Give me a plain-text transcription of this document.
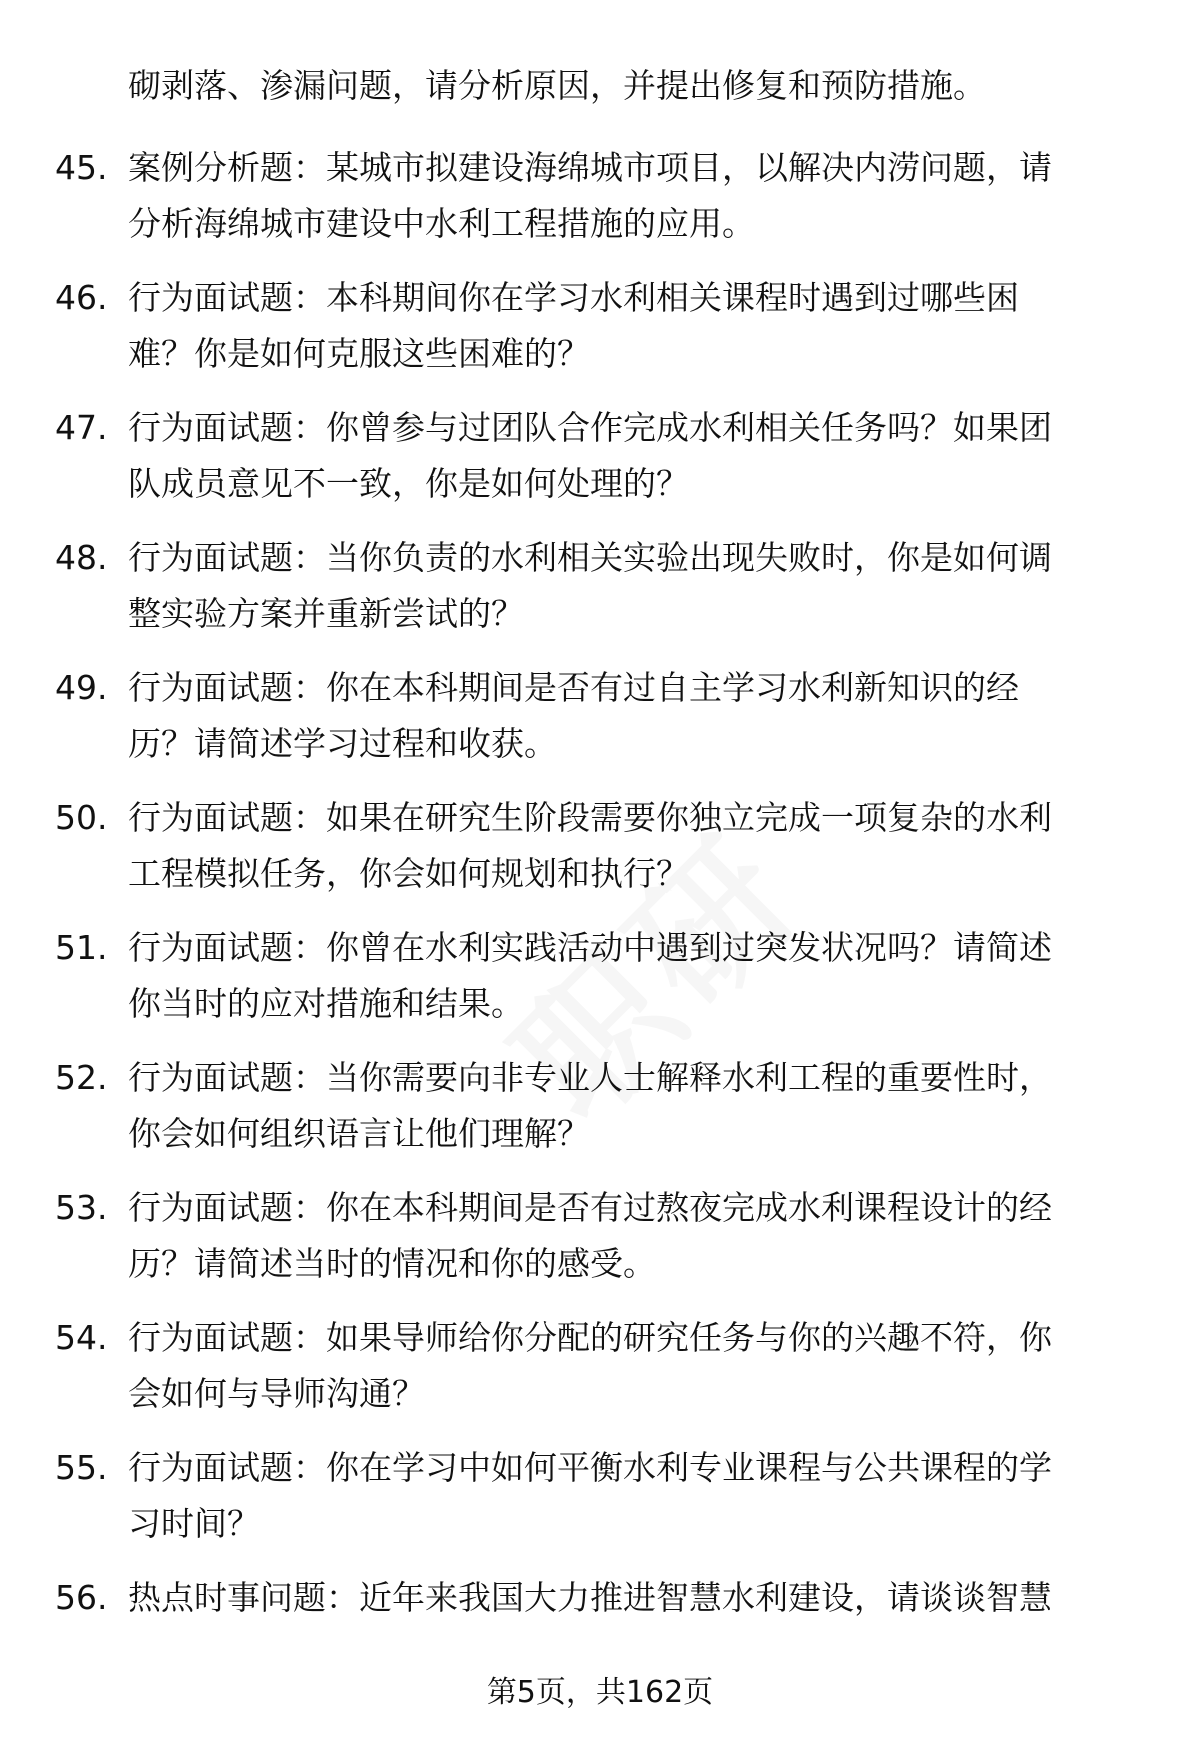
砌剥落、渗漏问题，请分析原因，并提出修复和预防措施。
45. 案例分析题：某城市拟建设海绵城市项目，以解决内涝问题，请
分析海绵城市建设中水利工程措施的应用。
46. 行为面试题：本科期间你在学习水利相关课程时遇到过哪些困
难？你是如何克服这些困难的？
47. 行为面试题：你曾参与过团队合作完成水利相关任务吗？如果团
队成员意见不一致，你是如何处理的？
48. 行为面试题：当你负责的水利相关实验出现失败时，你是如何调
整实验方案并重新尝试的？
49. 行为面试题：你在本科期间是否有过自主学习水利新知识的经
历？请简述学习过程和收获。
50. 行为面试题：如果在研究生阶段需要你独立完成一项复杂的水利
工程模拟任务，你会如何规划和执行？
51. 行为面试题：你曾在水利实践活动中遇到过突发状况吗？请简述
你当时的应对措施和结果。
52. 行为面试题：当你需要向非专业人士解释水利工程的重要性时，
你会如何组织语言让他们理解？
53. 行为面试题：你在本科期间是否有过熬夜完成水利课程设计的经
历？请简述当时的情况和你的感受。
54. 行为面试题：如果导师给你分配的研究任务与你的兴趣不符，你
会如何与导师沟通？
55. 行为面试题：你在学习中如何平衡水利专业课程与公共课程的学
习时间？
56. 热点时事问题：近年来我国大力推进智慧水利建设，请谈谈智慧
第5页，共162页
